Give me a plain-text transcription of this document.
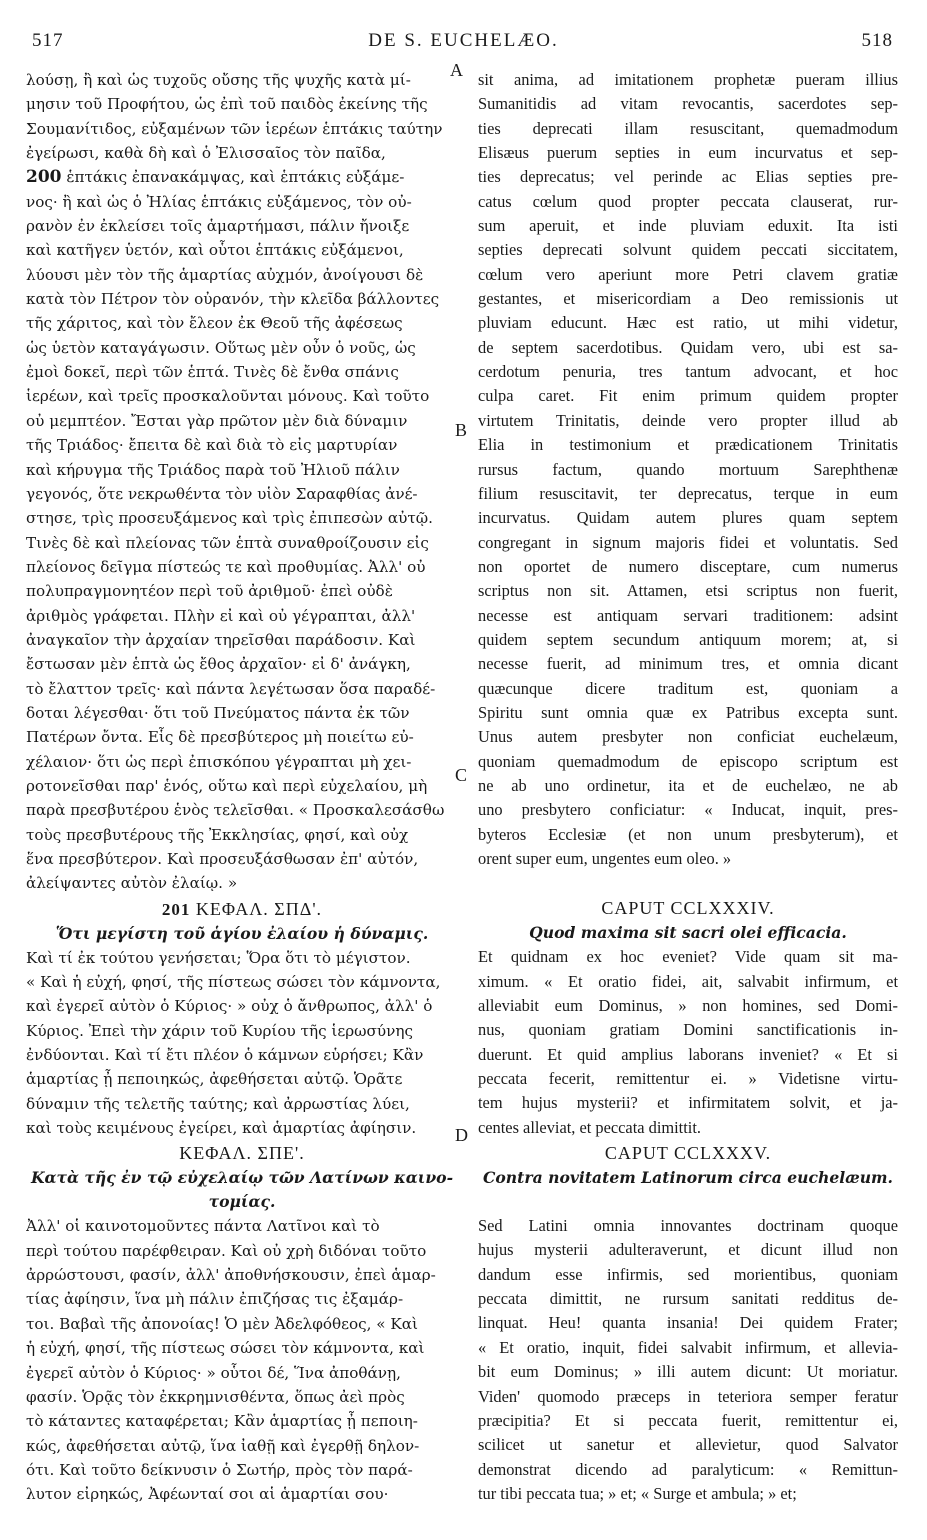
517	DE S. EUCHELÆO.	518
A
B
C
D
λούσῃ, ἢ καὶ ὡς τυχοῦς οὔσης τῆς ψυχῆς κατὰ μί-
μησιν τοῦ Προφήτου, ὡς ἐπὶ τοῦ παιδὸς ἐκείνης τῆς
Σουμανίτιδος, εὐξαμένων τῶν ἱερέων ἑπτάκις ταύτην
ἐγείρωσι, καθὰ δὴ καὶ ὁ Ἐλισσαῖος τὸν παῖδα,
200 ἑπτάκις ἐπανακάμψας, καὶ ἑπτάκις εὐξάμε-
νος· ἢ καὶ ὡς ὁ Ἠλίας ἑπτάκις εὐξάμενος, τὸν οὐ-
ρανὸν ἐν ἐκλείσει τοῖς ἁμαρτήμασι, πάλιν ἤνοιξε
καὶ κατῆγεν ὑετόν, καὶ οὗτοι ἑπτάκις εὐξάμενοι,
λύουσι μὲν τὸν τῆς ἁμαρτίας αὐχμόν, ἀνοίγουσι δὲ
κατὰ τὸν Πέτρον τὸν οὐρανόν, τὴν κλεῖδα βάλλοντες
τῆς χάριτος, καὶ τὸν ἔλεον ἐκ Θεοῦ τῆς ἀφέσεως
ὡς ὑετὸν καταγάγωσιν. Οὕτως μὲν οὖν ὁ νοῦς, ὡς
ἐμοὶ δοκεῖ, περὶ τῶν ἑπτά. Τινὲς δὲ ἔνθα σπάνις
ἱερέων, καὶ τρεῖς προσκαλοῦνται μόνους. Καὶ τοῦτο
οὐ μεμπτέον. Ἔσται γὰρ πρῶτον μὲν διὰ δύναμιν
τῆς Τριάδος· ἔπειτα δὲ καὶ διὰ τὸ εἰς μαρτυρίαν
καὶ κήρυγμα τῆς Τριάδος παρὰ τοῦ Ἠλιοῦ πάλιν
γεγονός, ὅτε νεκρωθέντα τὸν υἱὸν Σαραφθίας ἀνέ-
στησε, τρὶς προσευξάμενος καὶ τρὶς ἐπιπεσὼν αὐτῷ.
Τινὲς δὲ καὶ πλείονας τῶν ἑπτὰ συναθροίζουσιν εἰς
πλείονος δεῖγμα πίστεώς τε καὶ προθυμίας. Ἀλλ' οὐ
πολυπραγμονητέον περὶ τοῦ ἀριθμοῦ· ἐπεὶ οὐδὲ
ἀριθμὸς γράφεται. Πλὴν εἰ καὶ οὐ γέγραπται, ἀλλ'
ἀναγκαῖον τὴν ἀρχαίαν τηρεῖσθαι παράδοσιν. Καὶ
ἔστωσαν μὲν ἑπτὰ ὡς ἔθος ἀρχαῖον· εἰ δ' ἀνάγκη,
τὸ ἔλαττον τρεῖς· καὶ πάντα λεγέτωσαν ὅσα παραδέ-
δοται λέγεσθαι· ὅτι τοῦ Πνεύματος πάντα ἐκ τῶν
Πατέρων ὄντα. Εἷς δὲ πρεσβύτερος μὴ ποιείτω εὐ-
χέλαιον· ὅτι ὡς περὶ ἐπισκόπου γέγραπται μὴ χει-
ροτονεῖσθαι παρ' ἑνός, οὕτω καὶ περὶ εὐχελαίου, μὴ
παρὰ πρεσβυτέρου ἑνὸς τελεῖσθαι. « Προσκαλεσάσθω
τοὺς πρεσβυτέρους τῆς Ἐκκλησίας, φησί, καὶ οὐχ
ἕνα πρεσβύτερον. Καὶ προσευξάσθωσαν ἐπ' αὐτόν,
ἀλείψαντες αὐτὸν ἐλαίῳ. »
201 ΚΕΦΑΛ. ΣΠΔ'.
Ὅτι μεγίστη τοῦ ἁγίου ἐλαίου ἡ δύναμις.
Καὶ τί ἐκ τούτου γενήσεται; Ὅρα ὅτι τὸ μέγιστον.
« Καὶ ἡ εὐχή, φησί, τῆς πίστεως σώσει τὸν κάμνοντα,
καὶ ἐγερεῖ αὐτὸν ὁ Κύριος· » οὐχ ὁ ἄνθρωπος, ἀλλ' ὁ
Κύριος. Ἐπεὶ τὴν χάριν τοῦ Κυρίου τῆς ἱερωσύνης
ἐνδύονται. Καὶ τί ἔτι πλέον ὁ κάμνων εὑρήσει; Κἂν
ἁμαρτίας ᾖ πεποιηκώς, ἀφεθήσεται αὐτῷ. Ὁρᾶτε
δύναμιν τῆς τελετῆς ταύτης; καὶ ἀρρωστίας λύει,
καὶ τοὺς κειμένους ἐγείρει, καὶ ἁμαρτίας ἀφίησιν.
ΚΕΦΑΛ. ΣΠΕ'.
Κατὰ τῆς ἐν τῷ εὐχελαίῳ τῶν Λατίνων καινο-
τομίας.
Ἀλλ' οἱ καινοτομοῦντες πάντα Λατῖνοι καὶ τὸ
περὶ τούτου παρέφθειραν. Καὶ οὐ χρὴ διδόναι τοῦτο
ἀρρώστουσι, φασίν, ἀλλ' ἀποθνήσκουσιν, ἐπεὶ ἁμαρ-
τίας ἀφίησιν, ἵνα μὴ πάλιν ἐπιζήσας τις ἐξαμάρ-
τοι. Βαβαὶ τῆς ἀπονοίας! Ὁ μὲν Ἀδελφόθεος, « Καὶ
ἡ εὐχή, φησί, τῆς πίστεως σώσει τὸν κάμνοντα, καὶ
ἐγερεῖ αὐτὸν ὁ Κύριος· » οὗτοι δέ, Ἵνα ἀποθάνῃ,
φασίν. Ὁρᾷς τὸν ἐκκρημνισθέντα, ὅπως ἀεὶ πρὸς
τὸ κάταντες καταφέρεται; Κἂν ἁμαρτίας ᾖ πεποιη-
κώς, ἀφεθήσεται αὐτῷ, ἵνα ἰαθῇ καὶ ἐγερθῇ δηλον-
ότι. Καὶ τοῦτο δείκνυσιν ὁ Σωτήρ, πρὸς τὸν παρά-
λυτον εἰρηκώς, Ἀφέωνταί σοι αἱ ἁμαρτίαι σου·
sit anima, ad imitationem prophetæ pueram illius
Sumanitidis ad vitam revocantis, sacerdotes sep-
ties deprecati illam resuscitant, quemadmodum
Elisæus puerum septies in eum incurvatus et sep-
ties deprecatus; vel perinde ac Elias septies pre-
catus cœlum quod propter peccata clauserat, rur-
sum aperuit, et inde pluviam eduxit. Ita isti
septies deprecati solvunt quidem peccati siccitatem,
cœlum vero aperiunt more Petri clavem gratiæ
gestantes, et misericordiam a Deo remissionis ut
pluviam educunt. Hæc est ratio, ut mihi videtur,
de septem sacerdotibus. Quidam vero, ubi est sa-
cerdotum penuria, tres tantum advocant, et hoc
culpa caret. Fit enim primum quidem propter
virtutem Trinitatis, deinde vero propter illud ab
Elia in testimonium et prædicationem Trinitatis
rursus factum, quando mortuum Sarephthenæ
filium resuscitavit, ter deprecatus, terque in eum
incurvatus. Quidam autem plures quam septem
congregant in signum majoris fidei et voluntatis. Sed
non oportet de numero disceptare, cum numerus
scriptus non sit. Attamen, etsi scriptus non fuerit,
necesse est antiquam servari traditionem: adsint
quidem septem secundum antiquum morem; at, si
necesse fuerit, ad minimum tres, et omnia dicant
quæcunque dicere traditum est, quoniam a
Spiritu sunt omnia quæ ex Patribus excepta sunt.
Unus autem presbyter non conficiat euchelæum,
quoniam quemadmodum de episcopo scriptum est
ne ab uno ordinetur, ita et de euchelæo, ne ab
uno presbytero conficiatur: « Inducat, inquit, pres-
byteros Ecclesiæ (et non unum presbyterum), et
orent super eum, ungentes eum oleo. »
CAPUT CCLXXXIV.
Quod maxima sit sacri olei efficacia.
Et quidnam ex hoc eveniet? Vide quam sit ma-
ximum. « Et oratio fidei, ait, salvabit infirmum, et
alleviabit eum Dominus, » non homines, sed Domi-
nus, quoniam gratiam Domini sanctificationis in-
duerunt. Et quid amplius laborans inveniet? « Et si
peccata fecerit, remittentur ei. » Videtisne virtu-
tem hujus mysterii? et infirmitatem solvit, et ja-
centes alleviat, et peccata dimittit.
CAPUT CCLXXXV.
Contra novitatem Latinorum circa euchelæum.
Sed Latini omnia innovantes doctrinam quoque
hujus mysterii adulteraverunt, et dicunt illud non
dandum esse infirmis, sed morientibus, quoniam
peccata dimittit, ne rursum sanitati redditus de-
linquat. Heu! quanta insania! Dei quidem Frater;
« Et oratio, inquit, fidei salvabit infirmum, et allevia-
bit eum Dominus; » illi autem dicunt: Ut moriatur.
Viden' quomodo præceps in teteriora semper feratur
præcipitia? Et si peccata fuerit, remittentur ei,
scilicet ut sanetur et allevietur, quod Salvator
demonstrat dicendo ad paralyticum: « Remittun-
tur tibi peccata tua; » et; « Surge et ambula; » et;
